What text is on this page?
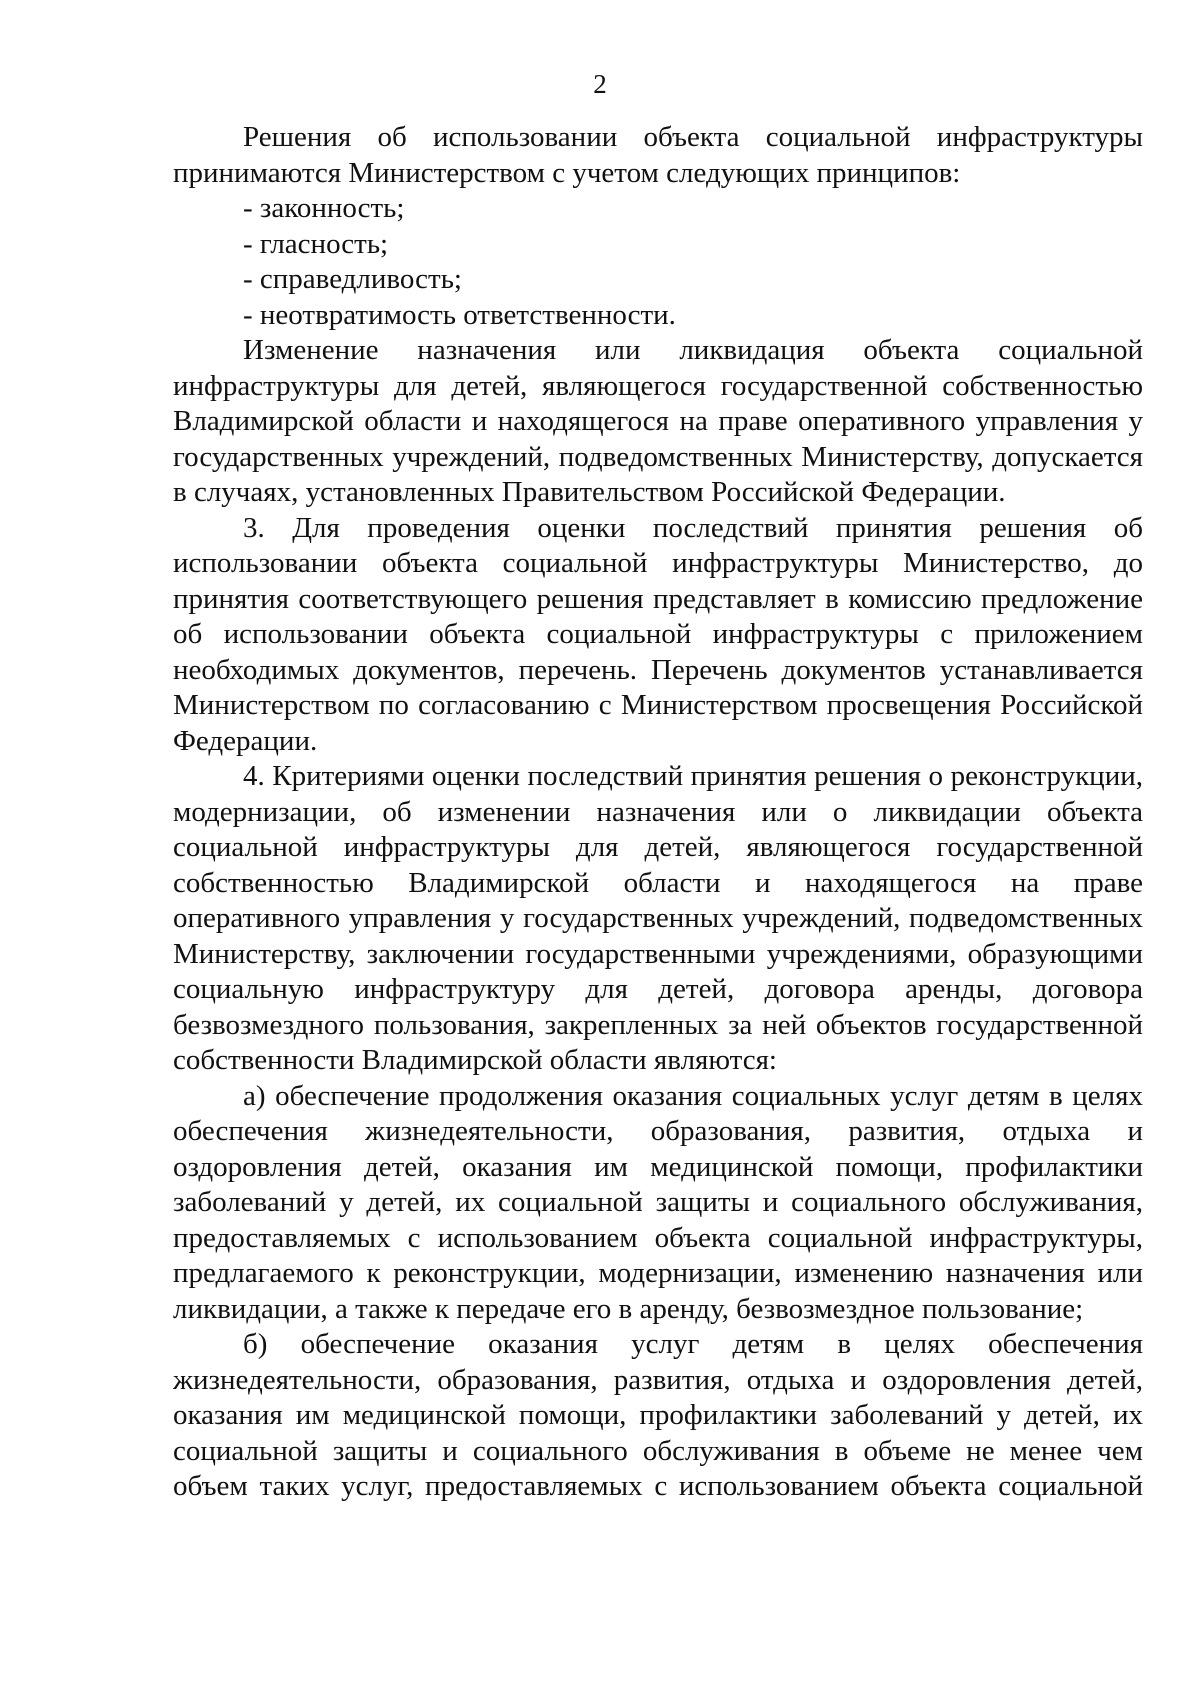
2

Решения об использовании объекта социальной инфраструктуры принимаются Министерством с учетом следующих принципов:

- законность;

- гласность;

- справедливость;

- неотвратимость ответственности.

Изменение назначения или ликвидация объекта социальной инфраструктуры для детей, являющегося государственной собственностью Владимирской области и находящегося на праве оперативного управления у государственных учреждений, подведомственных Министерству, допускается в случаях, установленных Правительством Российской Федерации.

3. Для проведения оценки последствий принятия решения об использовании объекта социальной инфраструктуры Министерство, до принятия соответствующего решения представляет в комиссию предложение об использовании объекта социальной инфраструктуры с приложением необходимых документов, перечень. Перечень документов устанавливается Министерством по согласованию с Министерством просвещения Российской Федерации.

4. Критериями оценки последствий принятия решения о реконструкции, модернизации, об изменении назначения или о ликвидации объекта социальной инфраструктуры для детей, являющегося государственной собственностью Владимирской области и находящегося на праве оперативного управления у государственных учреждений, подведомственных Министерству, заключении государственными учреждениями, образующими социальную инфраструктуру для детей, договора аренды, договора безвозмездного пользования, закрепленных за ней объектов государственной собственности Владимирской области являются:

а) обеспечение продолжения оказания социальных услуг детям в целях обеспечения жизнедеятельности, образования, развития, отдыха и оздоровления детей, оказания им медицинской помощи, профилактики заболеваний у детей, их социальной защиты и социального обслуживания, предоставляемых с использованием объекта социальной инфраструктуры, предлагаемого к реконструкции, модернизации, изменению назначения или ликвидации, а также к передаче его в аренду, безвозмездное пользование;

б) обеспечение оказания услуг детям в целях обеспечения жизнедеятельности, образования, развития, отдыха и оздоровления детей, оказания им медицинской помощи, профилактики заболеваний у детей, их социальной защиты и социального обслуживания в объеме не менее чем объем таких услуг, предоставляемых с использованием объекта социальной
